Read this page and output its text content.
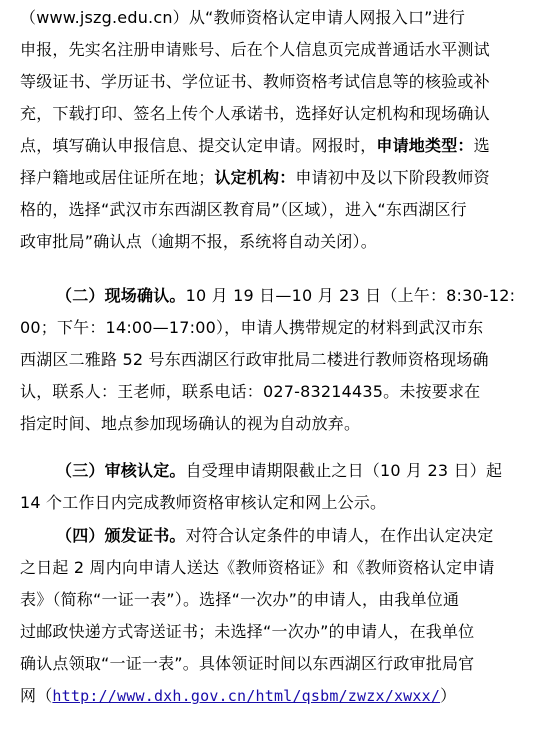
（www.jszg.edu.cn）从“教师资格认定申请人网报入口”进行
申报，先实名注册申请账号、后在个人信息页完成普通话水平测试
等级证书、学历证书、学位证书、教师资格考试信息等的核验或补
充，下载打印、签名上传个人承诺书，选择好认定机构和现场确认
点，填写确认申报信息、提交认定申请。网报时，申请地类型：选
择户籍地或居住证所在地；认定机构：申请初中及以下阶段教师资
格的，选择“武汉市东西湖区教育局”（区域），进入“东西湖区行
政审批局”确认点（逾期不报，系统将自动关闭）。
（二）现场确认。10 月 19 日—10 月 23 日（上午：8:30-12:
00；下午：14:00—17:00），申请人携带规定的材料到武汉市东
西湖区二雅路 52 号东西湖区行政审批局二楼进行教师资格现场确
认，联系人：王老师，联系电话：027-83214435。未按要求在
指定时间、地点参加现场确认的视为自动放弃。
（三）审核认定。自受理申请期限截止之日（10 月 23 日）起
14 个工作日内完成教师资格审核认定和网上公示。
（四）颁发证书。对符合认定条件的申请人，在作出认定决定
之日起 2 周内向申请人送达《教师资格证》和《教师资格认定申请
表》（简称“一证一表”）。选择“一次办”的申请人，由我单位通
过邮政快递方式寄送证书；未选择“一次办”的申请人，在我单位
确认点领取“一证一表”。具体领证时间以东西湖区行政审批局官
网（http://www.dxh.gov.cn/html/qsbm/zwzx/xwxx/）
